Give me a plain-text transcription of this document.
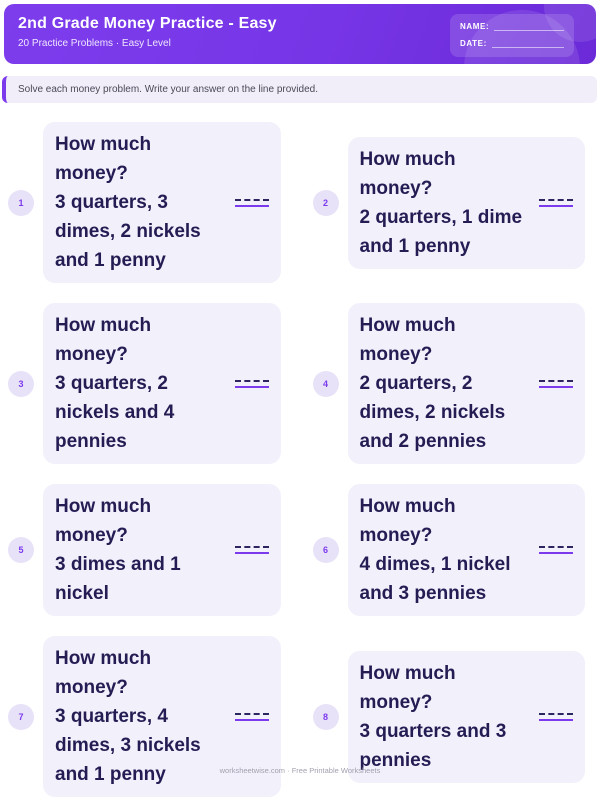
2nd Grade Money Practice - Easy
20 Practice Problems · Easy Level
NAME:
DATE:
Solve each money problem. Write your answer on the line provided.
1
How much money?
3 quarters, 3 dimes, 2 nickels and 1 penny
2
How much money?
2 quarters, 1 dime and 1 penny
3
How much money?
3 quarters, 2 nickels and 4 pennies
4
How much money?
2 quarters, 2 dimes, 2 nickels and 2 pennies
5
How much money?
3 dimes and 1 nickel
6
How much money?
4 dimes, 1 nickel and 3 pennies
7
How much money?
3 quarters, 4 dimes, 3 nickels and 1 penny
8
How much money?
3 quarters and 3 pennies
worksheetwise.com · Free Printable Worksheets
